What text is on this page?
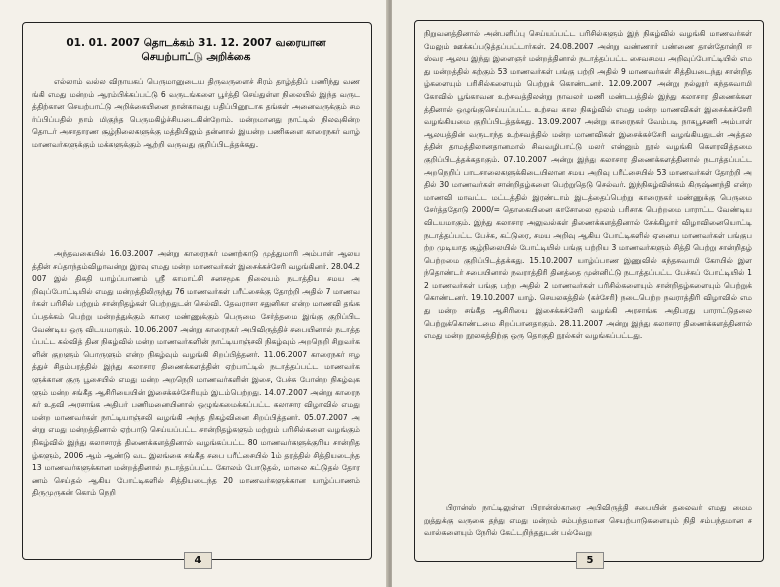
01. 01. 2007 தொடக்கம் 31. 12. 2007 வரையான
செயற்பாட்டு அறிக்கை
எல்லாம் வல்ல விநாயகப் பெருமானுடைய திருவருளைச் சிரம் தாழ்த்திப் பணிந்து வணங்கி எமது மன்றம் ஆரம்பிக்கப்பட்டு 6 வருடங்களை பூர்த்தி செய்துள்ள நிலையில் இந்த வருடத்திற்கான செயற்பாட்டு அறிக்கையினை நான்காவது பதிப்பினூடாக தங்கள் அனைவருக்கும் சமர்ப்பிப்பதில் நாம் மிகுந்த பெருமகிழ்ச்சியடைகின்றோம். மன்றமானது நாட்டில் நிலவுகின்ற தொடர் அசாதாரண சூழ்நிலைகளுக்கு மத்தியிலும் தன்னால் இயன்ற பணிகளை காரைநகர் வாழ் மாணவர்களுக்கும் மக்களுக்கும் ஆற்றி வருவது குறிப்பிடத்தக்கது.
அந்தவகையில் 16.03.2007 அன்று காரைநகர் மணற்காடு முத்துமாரி அம்பாள் ஆலயத்தின் சப்தாந்தம்விழாவன்று இரவு எமது மன்ற மாணவர்கள் இசைக்கச்சேரி வழங்கினர். 28.04.2007 இல் திகதி யாழ்ப்பாணம் ஸ்ரீ காமாட்சி சனசமூக நிலையம் நடாத்திய சமய அறிவுப்போட்டியில் எமது மன்றத்திலிருந்து 76 மாணவர்கள் பரீட்சைக்கு தோற்றி அதில் 7 மாணவர்கள் பரிசில் பற்றும் சான்றிதழ்கள் பெற்றதுடன் செல்வி. தேவராசா சதுனிகா என்ற மாணவி தங்கப்பதக்கம் பெற்று மன்றத்துக்கும் காரை மண்ணுக்கும் பெருமை சேர்த்தமை இங்கு குறிப்பிட வேண்டிய ஒரு விடயமாகும். 10.06.2007 அன்று காரைநகர் அபிவிருத்திச் சபையினால் நடாத்தப்பட்ட கல்வித் தின நிகழ்வில் மன்ற மாணவர்களின் நாட்டியாஞ்சலி நிகழ்வும் அறநெறி சிறுவர்களின் குறளும் பொருளும் என்ற நிகழ்வும் வழங்கி சிறப்பித்தனர். 11.06.2007 காரைநகர் ஈழத்துச் சிதம்பரத்தில் இந்து கலாசார திணைக்களத்தின் ஏற்பாட்டில் நடாத்தப்பட்ட மாணவர்களுக்கான குரு பூசையில் எமது மன்ற அறநெறி மாணவர்களின் இசை, பேச்சு போன்ற நிகழ்வுகளும் மன்ற சங்கீத ஆசிரியையின் இசைக்கச்சேரியும் இடம்பெற்றது. 14.07.2007 அன்று காரைநகர் உதவி அரசாங்க அதிபர் பணிமனையினால் ஒழுங்கமைக்கப்பட்ட கலாசார விழாவில் எமது மன்ற மாணவர்கள் நாட்டியாஞ்சலி வழங்கி அந்த நிகழ்வினை சிறப்பித்தனர். 05.07.2007 அன்று எமது மன்றத்தினால் ஏற்பாடு செய்யப்பட்ட சான்றிதழ்களும் மற்றும் பரிசில்களை வழங்கும் நிகழ்வில் இந்து கலாசாரத் திணைக்களத்தினால் வழங்கப்பட்ட 80 மாணவர்களுக்குரிய சான்றிதழ்களும், 2006 ஆம் ஆண்டு வட இலங்கை சங்கீத சபை பரீட்சையில் 1ம் தரத்தில் சித்தியடைந்த 13 மாணவர்களுக்கான மன்றத்தினால் நடாத்தப்பட்ட கோலம் போடுதல், மாலை கட்டுதல் தோரணம் செய்தல் ஆகிய போட்டிகளில் சித்தியடைந்த 20 மாணவர்களுக்கான யாழ்ப்பாணம் திருமுருகன் கொம் நெறி
4
நிறுவனத்தினால் அன்பளிப்பு செய்யப்பட்ட பரிசில்களும் இந் நிகழ்வில் வழங்கி மாணவர்கள் மேலும் ஊக்கப்படுத்தப்பட்டார்கள். 24.08.2007 அன்று வண்ணார் பண்ணை தான்தோன்றி ஈஸ்வர ஆலய இந்து இளைஞர் மன்றத்தினால் நடாத்தப்பட்ட சைவசமய அறிவுப்போட்டியில் எமது மன்றத்தில் கற்கும் 53 மாணவர்கள் பங்கு பற்றி அதில் 9 மாணவர்கள் சித்தியடைந்து சான்றிதழ்களையும் பரிசில்களையும் பெற்றுக் கொண்டனர். 12.09.2007 அன்று நல்லூர் கந்தசுவாமி கோவில் பூங்காவன உற்சவத்திலன்று நாவலர் மணி மண்டபத்தில் இந்து கலாசார திணைக்களத்தினால் ஒழுங்குசெய்யப்பட்ட உற்சவ கால நிகழ்வில் எமது மன்ற மாணவிகள் இசைக்கச்சேரி வழங்கியமை குறிப்பிடத்தக்கது. 13.09.2007 அன்று காரைநகர் வேம்படி நாகபூசணி அம்பாள் ஆலயத்தின் வருடாந்த உற்சவத்தில் மன்ற மாணவிகள் இசைக்கச்சேரி வழங்கியதுடன் அத்தலத்தின் தாமத்திலானதானமால் சிவவழிபாட்டு மலர் என்னும் நூல் வழங்கி கௌரவித்தமை குறிப்பிடத்தக்கதாகும். 07.10.2007 அன்று இந்து கலாசார திணைக்களத்தினால் நடாத்தப்பட்ட அறநெறிப் பாடசாலைகளுக்கிடையிலான சமய அறிவு பரீட்சையில் 53 மாணவர்கள் தோற்றி அதில் 30 மாணவர்கள் சான்றிதழ்களை பெற்றுதெடு செல்வர். இந்நிகழ்வின்கம் கிருஷ்ணந்தி என்ற மாணவி மாவட்ட மட்டத்தில் இரண்டாம் இடத்தைப்பெற்று காரைநகர் மண்ணுக்கு பெருமை சேர்த்ததோடு 2000/= தொகையினை காசோலை மூலம் பரிசாக பெற்றமை பாராட்ட வேண்டிய விடயமாகும். இந்து கலாசார அலுவல்கள் திணைக்களத்தினால் சேக்கிழார் விழாவினையொட்டி நடாத்தப்பட்ட பேச்சு, கட்டுரை, சமய அறிவு ஆகிய போட்டிகளில் ஏனைய மாணவர்கள் பங்குபற்ற முடியாத சூழ்நிலையில் போட்டியில் பங்கு பற்றிய 3 மாணவர்களும் சித்தி பெற்று சான்றிதழ் பெற்றமை குறிப்பிடத்தக்கது. 15.10.2007 யாழ்ப்பாண இணுவில் கந்தசுவாமி கோயில் இளந்தொண்டர் சபையினால் நவராத்திரி தினத்தை முன்னிட்டு நடாத்தப்பட்ட பேச்சுப் போட்டியில் 12 மாணவர்கள் பங்கு பற்ற அதில் 2 மாணவர்கள் பரிசில்களையும் சான்றிதழ்களையும் பெற்றுக் கொண்டனர். 19.10.2007 யாழ். செயலகத்தில் (கச்சேரி) நடைபெற்ற நவராத்திரி விழாவில் எமது மன்ற சங்கீத ஆசிரியை இசைக்கச்சேரி வழங்கி அரசாங்க அதிபரது பாராட்டுதலை பெற்றுக்கொண்டமை சிறப்பானதாகும். 28.11.2007 அன்று இந்து கலாசார திணைக்களத்தினால் எமது மன்ற நூலகத்திற்கு ஒரு தொகுதி நூல்கள் வழங்கப்பட்டது.
பிரான்ஸ் நாட்டிலுள்ள பிரான்ஸ்காரை அபிவிருத்தி சபையின் தலைவர் எமது மைமறுத்துக்கு வருகை தந்து எமது மன்றம் சம்பந்தமான செயற்பாடுகளையும் நிதி சம்பந்தமான சவால்களையும் நேரில் கேட்டறிந்ததுடன் பல்வேறு
5
